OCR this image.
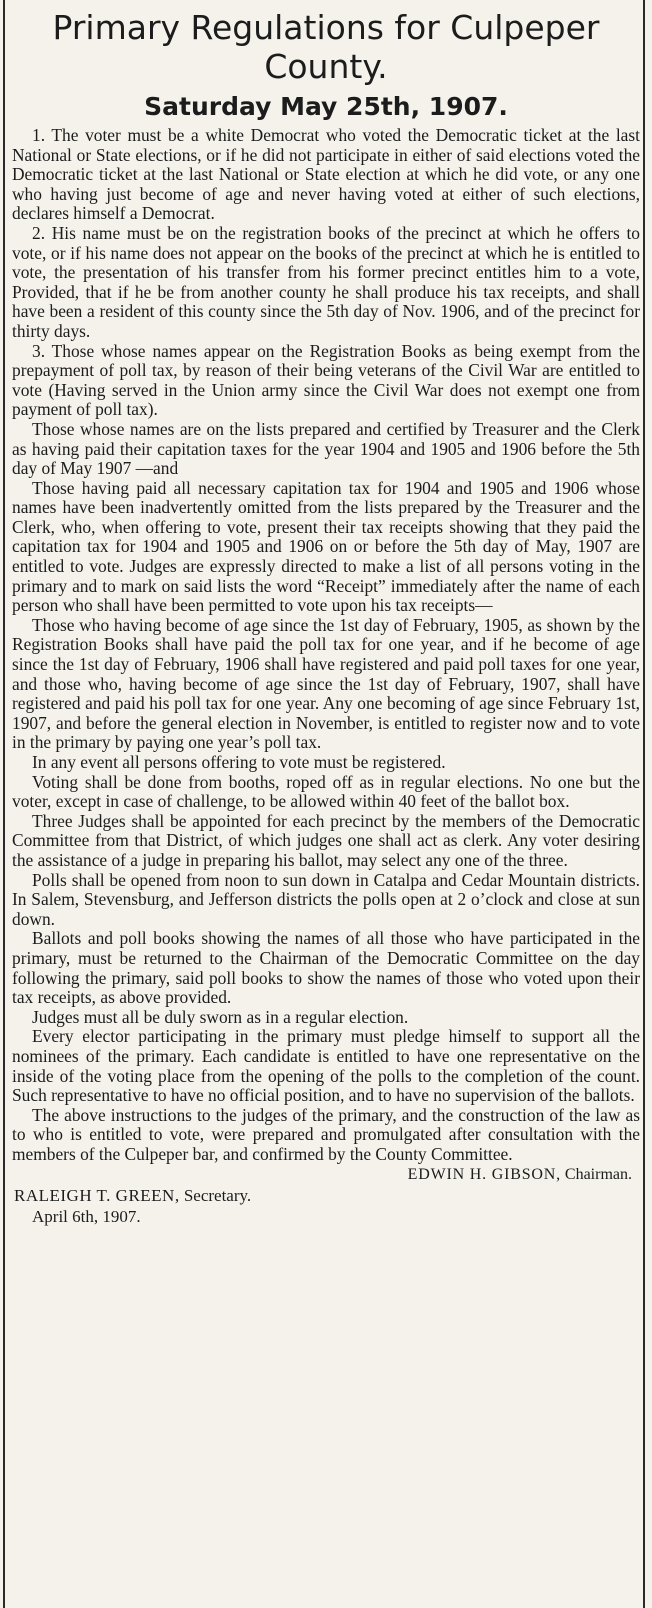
Primary Regulations for Culpeper
County.
Saturday May 25th, 1907.

1. The voter must be a white Democrat who voted the Democratic ticket at the last National or State elections, or if he did not participate in either of said elections voted the Democratic ticket at the last National or State election at which he did vote, or any one who having just become of age and never having voted at either of such elections, declares himself a Democrat.

2. His name must be on the registration books of the precinct at which he offers to vote, or if his name does not appear on the books of the precinct at which he is entitled to vote, the presentation of his transfer from his former precinct entitles him to a vote, Provided, that if he be from another county he shall produce his tax receipts, and shall have been a resident of this county since the 5th day of Nov. 1906, and of the precinct for thirty days.

3. Those whose names appear on the Registration Books as being exempt from the prepayment of poll tax, by reason of their being veterans of the Civil War are entitled to vote (Having served in the Union army since the Civil War does not exempt one from payment of poll tax).

Those whose names are on the lists prepared and certified by Treasurer and the Clerk as having paid their capitation taxes for the year 1904 and 1905 and 1906 before the 5th day of May 1907 —and

Those having paid all necessary capitation tax for 1904 and 1905 and 1906 whose names have been inadvertently omitted from the lists prepared by the Treasurer and the Clerk, who, when offering to vote, present their tax receipts showing that they paid the capitation tax for 1904 and 1905 and 1906 on or before the 5th day of May, 1907 are entitled to vote. Judges are expressly directed to make a list of all persons voting in the primary and to mark on said lists the word “Receipt” immediately after the name of each person who shall have been permitted to vote upon his tax receipts—

Those who having become of age since the 1st day of February, 1905, as shown by the Registration Books shall have paid the poll tax for one year, and if he become of age since the 1st day of February, 1906 shall have registered and paid poll taxes for one year, and those who, having become of age since the 1st day of February, 1907, shall have registered and paid his poll tax for one year. Any one becoming of age since February 1st, 1907, and before the general election in November, is entitled to register now and to vote in the primary by paying one year’s poll tax.

In any event all persons offering to vote must be registered.

Voting shall be done from booths, roped off as in regular elections. No one but the voter, except in case of challenge, to be allowed within 40 feet of the ballot box.

Three Judges shall be appointed for each precinct by the members of the Democratic Committee from that District, of which judges one shall act as clerk. Any voter desiring the assistance of a judge in preparing his ballot, may select any one of the three.

Polls shall be opened from noon to sun down in Catalpa and Cedar Mountain districts. In Salem, Stevensburg, and Jefferson districts the polls open at 2 o’clock and close at sun down.

Ballots and poll books showing the names of all those who have participated in the primary, must be returned to the Chairman of the Democratic Committee on the day following the primary, said poll books to show the names of those who voted upon their tax receipts, as above provided.

Judges must all be duly sworn as in a regular election.

Every elector participating in the primary must pledge himself to support all the nominees of the primary. Each candidate is entitled to have one representative on the inside of the voting place from the opening of the polls to the completion of the count. Such representative to have no official position, and to have no supervision of the ballots.

The above instructions to the judges of the primary, and the construction of the law as to who is entitled to vote, were prepared and promulgated after consultation with the members of the Culpeper bar, and confirmed by the County Committee.

EDWIN H. GIBSON, Chairman.
RALEIGH T. GREEN, Secretary.
April 6th, 1907.
